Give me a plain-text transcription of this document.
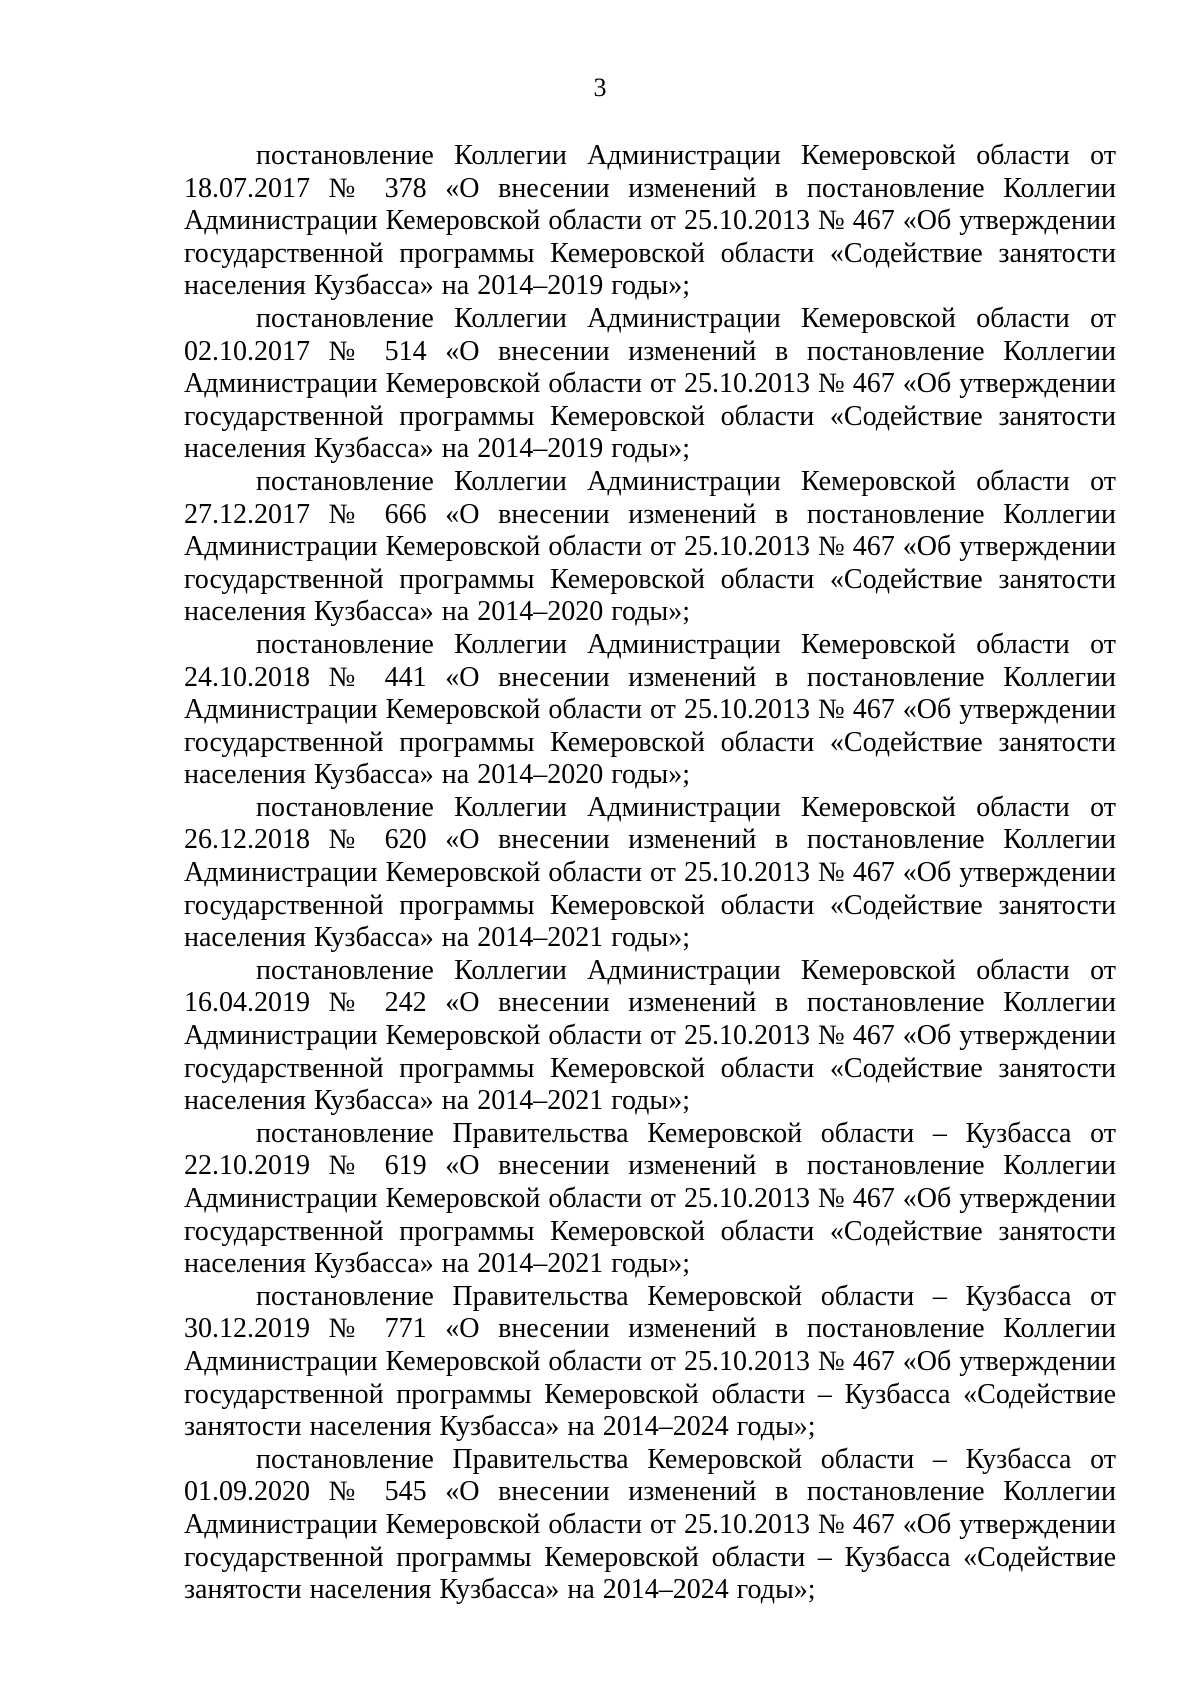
3

постановление Коллегии Администрации Кемеровской области от 18.07.2017 № 378 «О внесении изменений в постановление Коллегии Администрации Кемеровской области от 25.10.2013 № 467 «Об утверждении государственной программы Кемеровской области «Содействие занятости населения Кузбасса» на 2014–2019 годы»;

постановление Коллегии Администрации Кемеровской области от 02.10.2017 № 514 «О внесении изменений в постановление Коллегии Администрации Кемеровской области от 25.10.2013 № 467 «Об утверждении государственной программы Кемеровской области «Содействие занятости населения Кузбасса» на 2014–2019 годы»;

постановление Коллегии Администрации Кемеровской области от 27.12.2017 № 666 «О внесении изменений в постановление Коллегии Администрации Кемеровской области от 25.10.2013 № 467 «Об утверждении государственной программы Кемеровской области «Содействие занятости населения Кузбасса» на 2014–2020 годы»;

постановление Коллегии Администрации Кемеровской области от 24.10.2018 № 441 «О внесении изменений в постановление Коллегии Администрации Кемеровской области от 25.10.2013 № 467 «Об утверждении государственной программы Кемеровской области «Содействие занятости населения Кузбасса» на 2014–2020 годы»;

постановление Коллегии Администрации Кемеровской области от 26.12.2018 № 620 «О внесении изменений в постановление Коллегии Администрации Кемеровской области от 25.10.2013 № 467 «Об утверждении государственной программы Кемеровской области «Содействие занятости населения Кузбасса» на 2014–2021 годы»;

постановление Коллегии Администрации Кемеровской области от 16.04.2019 № 242 «О внесении изменений в постановление Коллегии Администрации Кемеровской области от 25.10.2013 № 467 «Об утверждении государственной программы Кемеровской области «Содействие занятости населения Кузбасса» на 2014–2021 годы»;

постановление Правительства Кемеровской области – Кузбасса от 22.10.2019 № 619 «О внесении изменений в постановление Коллегии Администрации Кемеровской области от 25.10.2013 № 467 «Об утверждении государственной программы Кемеровской области «Содействие занятости населения Кузбасса» на 2014–2021 годы»;

постановление Правительства Кемеровской области – Кузбасса от 30.12.2019 № 771 «О внесении изменений в постановление Коллегии Администрации Кемеровской области от 25.10.2013 № 467 «Об утверждении государственной программы Кемеровской области – Кузбасса «Содействие занятости населения Кузбасса» на 2014–2024 годы»;

постановление Правительства Кемеровской области – Кузбасса от 01.09.2020 № 545 «О внесении изменений в постановление Коллегии Администрации Кемеровской области от 25.10.2013 № 467 «Об утверждении государственной программы Кемеровской области – Кузбасса «Содействие занятости населения Кузбасса» на 2014–2024 годы»;
